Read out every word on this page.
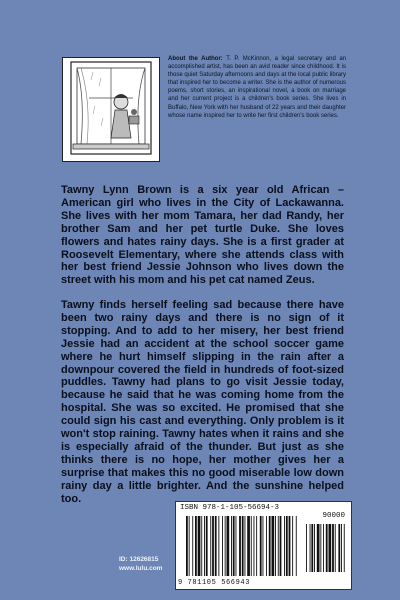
About the Author: T. P. McKinnon, a legal secretary and an accomplished artist, has been an avid reader since childhood. It is those quiet Saturday afternoons and days at the local public library that inspired her to become a writer. She is the author of numerous poems, short stories, an inspirational novel, a book on marriage and her current project is a children's book series. She lives in Buffalo, New York with her husband of 22 years and their daughter whose name inspired her to write her first children's book series.

Tawny Lynn Brown is a six year old African – American girl who lives in the City of Lackawanna. She lives with her mom Tamara, her dad Randy, her brother Sam and her pet turtle Duke. She loves flowers and hates rainy days. She is a first grader at Roosevelt Elementary, where she attends class with her best friend Jessie Johnson who lives down the street with his mom and his pet cat named Zeus.

Tawny finds herself feeling sad because there have been two rainy days and there is no sign of it stopping. And to add to her misery, her best friend Jessie had an accident at the school soccer game where he hurt himself slipping in the rain after a downpour covered the field in hundreds of foot-sized puddles. Tawny had plans to go visit Jessie today, because he said that he was coming home from the hospital. She was so excited. He promised that she could sign his cast and everything. Only problem is it won't stop raining. Tawny hates when it rains and she is especially afraid of the thunder. But just as she thinks there is no hope, her mother gives her a surprise that makes this no good miserable low down rainy day a little brighter. And the sunshine helped too.

ID: 12626815
www.lulu.com
ISBN 978-1-105-56694-3
90000
9 781105 566943
